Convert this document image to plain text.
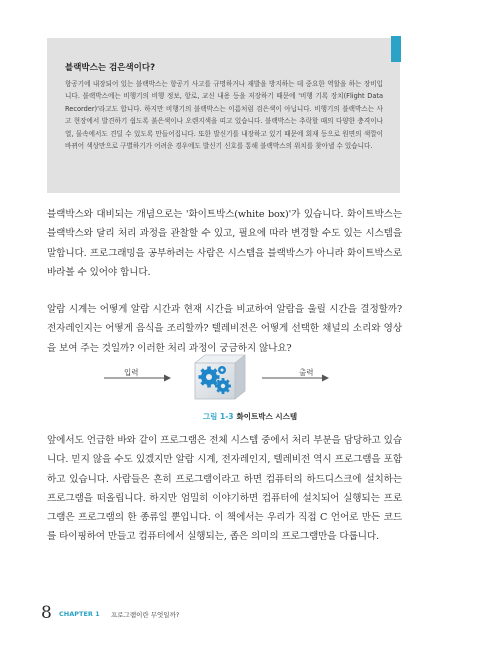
블랙박스는 검은색이다?
항공기에 내장되어 있는 블랙박스는 항공기 사고를 규명하거나 재발을 방지하는 데 중요한 역할을 하는 장비입니다. 블랙박스에는 비행기의 비행 정보, 항로, 교신 내용 등을 저장하기 때문에 '비행 기록 장치(Flight Data Recorder)'라고도 합니다. 하지만 비행기의 블랙박스는 이름처럼 검은색이 아닙니다. 비행기의 블랙박스는 사고 현장에서 발견하기 쉽도록 붉은색이나 오렌지색을 띠고 있습니다. 블랙박스는 추락할 때의 다양한 충격이나 열, 물속에서도 견딜 수 있도록 만들어집니다. 또한 발신기를 내장하고 있기 때문에 회재 등으로 원면의 색깔이 바뀌어 색상만으로 구별하기가 어려운 경우에도 발신기 신호를 통해 블랙박스의 위치를 찾아낼 수 있습니다.
블랙박스와 대비되는 개념으로는 '화이트박스(white box)'가 있습니다. 화이트박스는 블랙박스와 달리 처리 과정을 관찰할 수 있고, 필요에 따라 변경할 수도 있는 시스템을 말합니다. 프로그래밍을 공부하려는 사람은 시스템을 블랙박스가 아니라 화이트박스로 바라볼 수 있어야 합니다.
알람 시계는 어떻게 알람 시간과 현재 시간을 비교하여 알람을 울릴 시간을 결정할까? 전자레인지는 어떻게 음식을 조리할까? 텔레비전은 어떻게 선택한 채널의 소리와 영상을 보여 주는 것일까? 이러한 처리 과정이 궁금하지 않나요?
입력	출력
그림 1-3 화이트박스 시스템
앞에서도 언급한 바와 같이 프로그램은 전체 시스템 중에서 처리 부분을 담당하고 있습니다. 믿지 않을 수도 있겠지만 알람 시계, 전자레인지, 텔레비전 역시 프로그램을 포함하고 있습니다. 사람들은 흔히 프로그램이라고 하면 컴퓨터의 하드디스크에 설치하는 프로그램을 떠올립니다. 하지만 엄밀히 이야기하면 컴퓨터에 설치되어 실행되는 프로그램은 프로그램의 한 종류일 뿐입니다. 이 책에서는 우리가 직접 C 언어로 만든 코드를 타이핑하여 만들고 컴퓨터에서 실행되는, 좁은 의미의 프로그램만을 다룹니다.
8 CHAPTER 1 프로그램이란 무엇일까?
